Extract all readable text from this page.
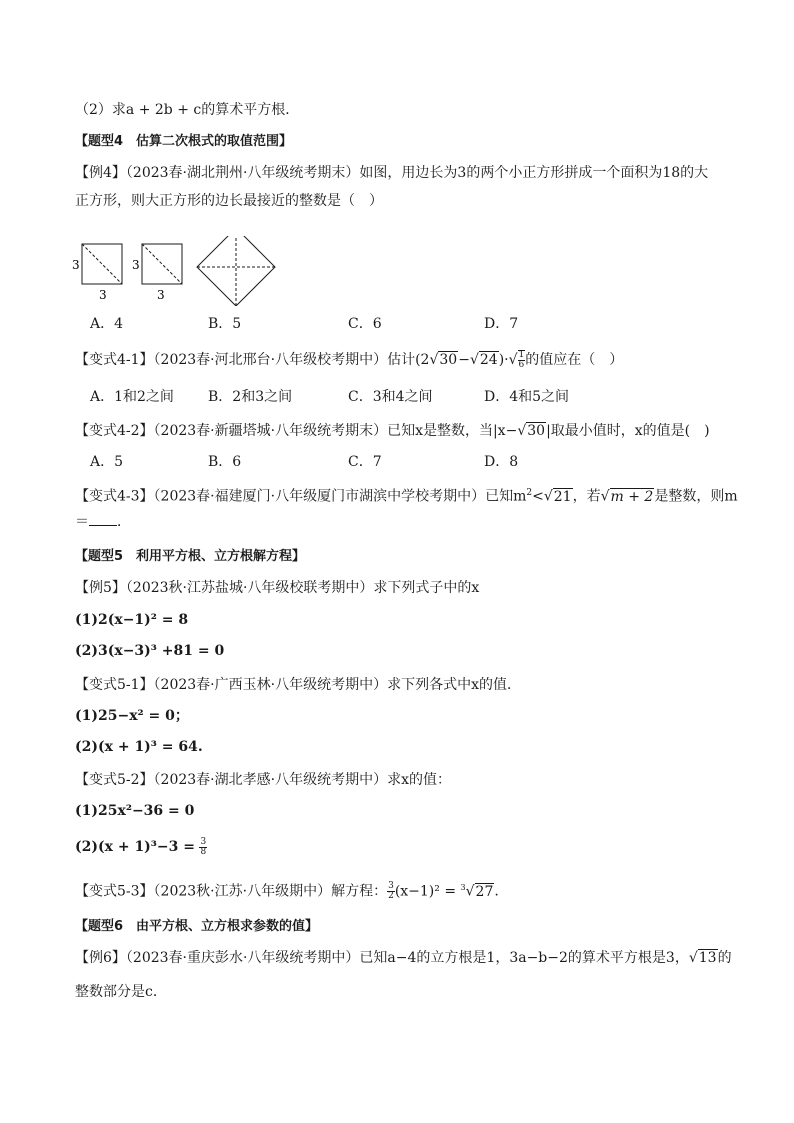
（2）求a + 2b + c的算术平方根．
【题型4　估算二次根式的取值范围】
【例4】（2023春·湖北荆州·八年级统考期末）如图，用边长为3的两个小正方形拼成一个面积为18的大
正方形，则大正方形的边长最接近的整数是（　）
3
3
3
3
A．4	B．5	C．6	D．7
【变式4-1】（2023春·河北邢台·八年级校考期中）估计$(2√30-√24)\cdot√ \frac{1}{6}$ 的值应在（　）
A．1和2之间 B．2和3之间	C．3和4之间	D．4和5之间
【变式4-2】（2023春·新疆塔城·八年级统考期末）已知x是整数，当|x−√30|取最小值时，x的值是(　)
A．5	B．6	C．7	D．8
【变式4-3】（2023春·福建厦门·八年级厦门市湖滨中学校考期中）已知$m^2<√21$，若√m + 2是整数，则m
＝ ．
【题型5　利用平方根、立方根解方程】
【例5】（2023秋·江苏盐城·八年级校联考期中）求下列式子中的x
(1)2(x−1)² = 8
(2)3(x−3)³ +81 = 0
【变式5-1】（2023春·广西玉林·八年级统考期中）求下列各式中x的值．
(1)25−x² = 0；
(2)(x + 1)³ = 64.
【变式5-2】（2023春·湖北孝感·八年级统考期中）求x的值：
(1)25x²−36 = 0
$(2)(x + 1)^3-3 = \frac{3}{8}$
【变式5-3】（2023秋·江苏·八年级期中）解方程： $\frac{3}{2} (x-1)^2 = ^3√27$.
【题型6　由平方根、立方根求参数的值】
【例6】（2023春·重庆彭水·八年级统考期中）已知a−4的立方根是1，3a−b−2的算术平方根是3，√13的
整数部分是c．
